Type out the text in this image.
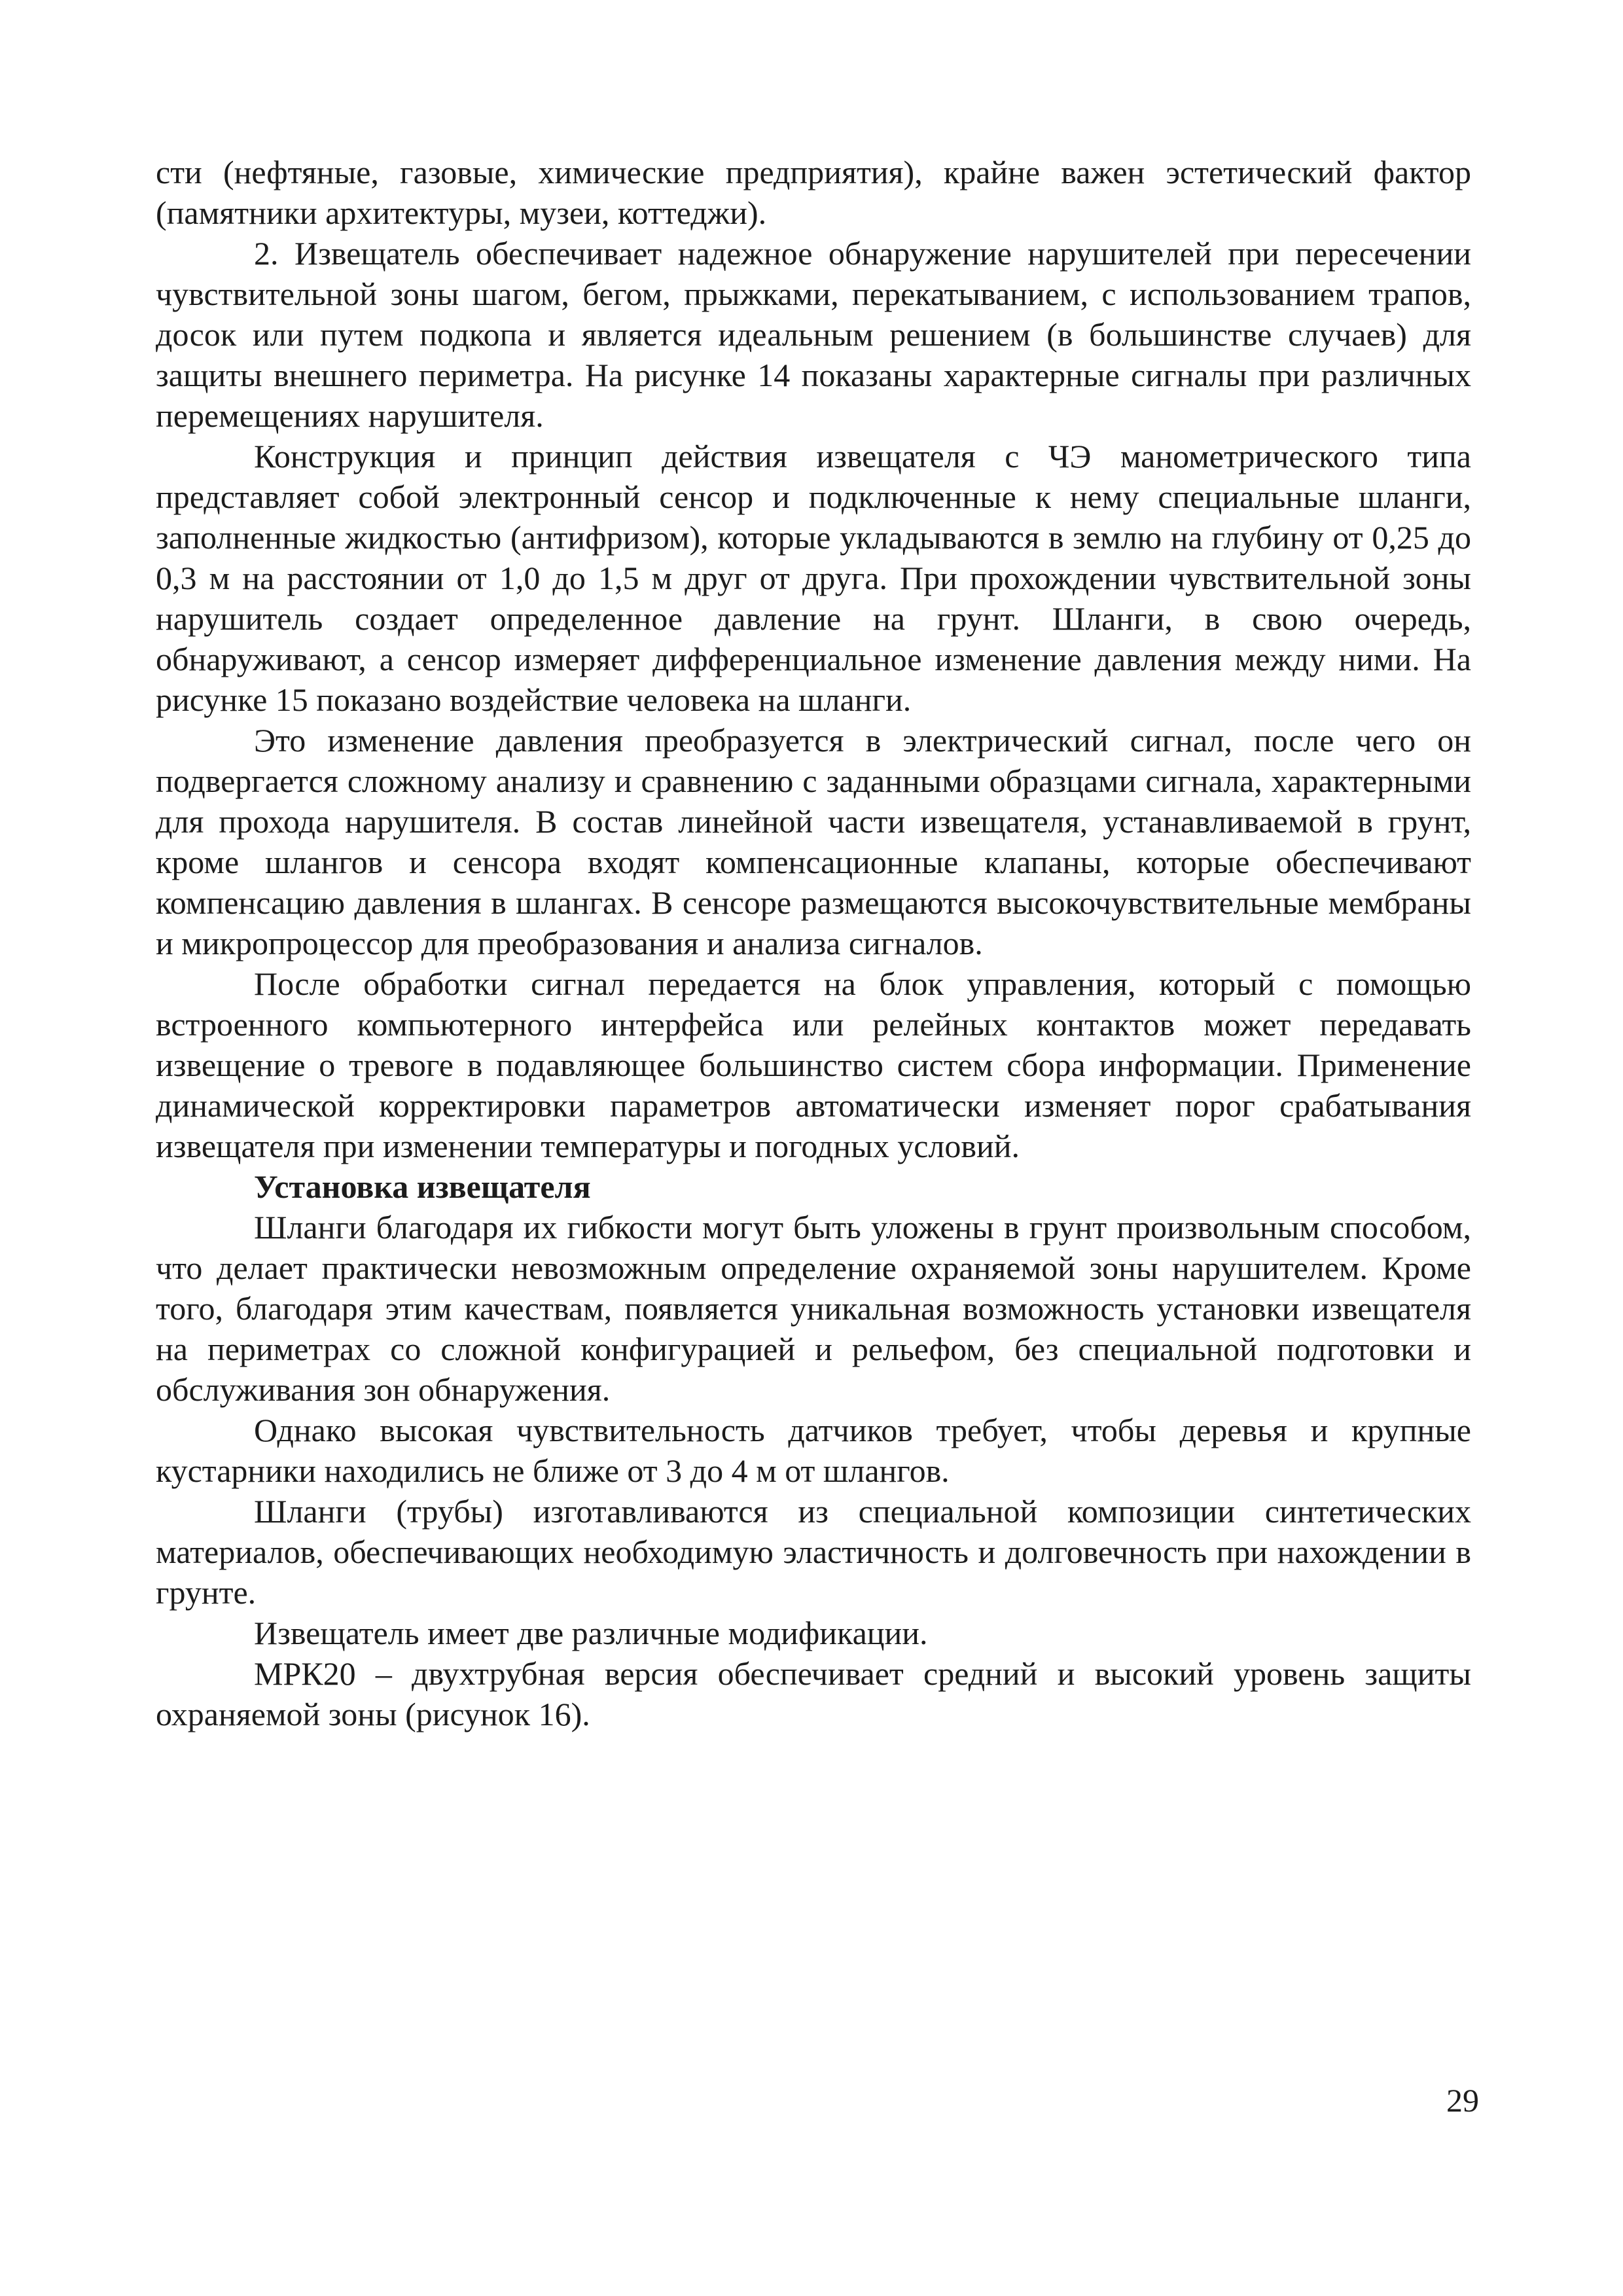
сти (нефтяные, газовые, химические предприятия), крайне важен эстетический фактор (памятники архитектуры, музеи, коттеджи).

2. Извещатель обеспечивает надежное обнаружение нарушителей при пересечении чувствительной зоны шагом, бегом, прыжками, перекатыванием, с использованием трапов, досок или путем подкопа и является идеальным решением (в большинстве случаев) для защиты внешнего периметра. На рисунке 14 показаны характерные сигналы при различных перемещениях нарушителя.

Конструкция и принцип действия извещателя с ЧЭ манометрического типа представляет собой электронный сенсор и подключенные к нему специальные шланги, заполненные жидкостью (антифризом), которые укладываются в землю на глубину от 0,25 до 0,3 м на расстоянии от 1,0 до 1,5 м друг от друга. При прохождении чувствительной зоны нарушитель создает определенное давление на грунт. Шланги, в свою очередь, обнаруживают, а сенсор измеряет дифференциальное изменение давления между ними. На рисунке 15 показано воздействие человека на шланги.

Это изменение давления преобразуется в электрический сигнал, после чего он подвергается сложному анализу и сравнению с заданными образцами сигнала, характерными для прохода нарушителя. В состав линейной части извещателя, устанавливаемой в грунт, кроме шлангов и сенсора входят компенсационные клапаны, которые обеспечивают компенсацию давления в шлангах. В сенсоре размещаются высокочувствительные мембраны и микропроцессор для преобразования и анализа сигналов.

После обработки сигнал передается на блок управления, который с помощью встроенного компьютерного интерфейса или релейных контактов может передавать извещение о тревоге в подавляющее большинство систем сбора информации. Применение динамической корректировки параметров автоматически изменяет порог срабатывания извещателя при изменении температуры и погодных условий.

Установка извещателя

Шланги благодаря их гибкости могут быть уложены в грунт произвольным способом, что делает практически невозможным определение охраняемой зоны нарушителем. Кроме того, благодаря этим качествам, появляется уникальная возможность установки извещателя на периметрах со сложной конфигурацией и рельефом, без специальной подготовки и обслуживания зон обнаружения.

Однако высокая чувствительность датчиков требует, чтобы деревья и крупные кустарники находились не ближе от 3 до 4 м от шлангов.

Шланги (трубы) изготавливаются из специальной композиции синтетических материалов, обеспечивающих необходимую эластичность и долговечность при нахождении в грунте.

Извещатель имеет две различные модификации.

МРК20 – двухтрубная версия обеспечивает средний и высокий уровень защиты охраняемой зоны (рисунок 16).

29
